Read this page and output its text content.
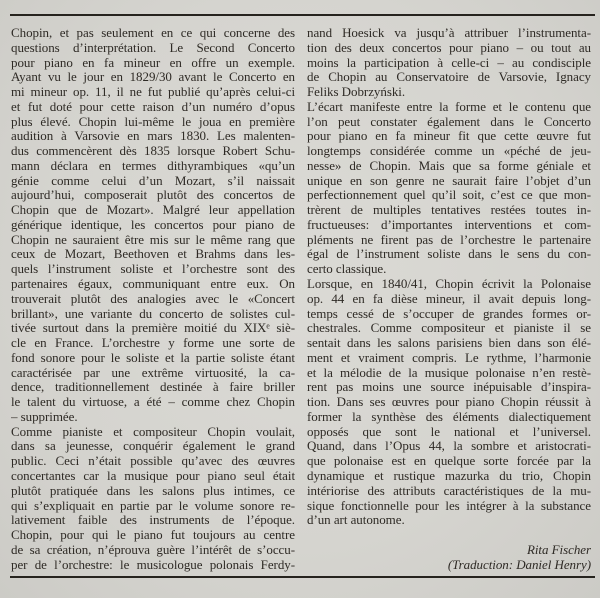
Chopin, et pas seulement en ce qui concerne des
questions d’interprétation. Le Second Concerto
pour piano en fa mineur en offre un exemple.
Ayant vu le jour en 1829/30 avant le Concerto en
mi mineur op. 11, il ne fut publié qu’après celui-ci
et fut doté pour cette raison d’un numéro d’opus
plus élevé. Chopin lui-même le joua en première
audition à Varsovie en mars 1830. Les malenten-
dus commencèrent dès 1835 lorsque Robert Schu-
mann déclara en termes dithyrambiques «qu’un
génie comme celui d’un Mozart, s’il naissait
aujourd’hui, composerait plutôt des concertos de
Chopin que de Mozart». Malgré leur appellation
générique identique, les concertos pour piano de
Chopin ne sauraient être mis sur le même rang que
ceux de Mozart, Beethoven et Brahms dans les-
quels l’instrument soliste et l’orchestre sont des
partenaires égaux, communiquant entre eux. On
trouverait plutôt des analogies avec le «Concert
brillant», une variante du concerto de solistes cul-
tivée surtout dans la première moitié du XIXᵉ siè-
cle en France. L’orchestre y forme une sorte de
fond sonore pour le soliste et la partie soliste étant
caractérisée par une extrême virtuosité, la ca-
dence, traditionnellement destinée à faire briller
le talent du virtuose, a été – comme chez Chopin
– supprimée.
Comme pianiste et compositeur Chopin voulait,
dans sa jeunesse, conquérir également le grand
public. Ceci n’était possible qu’avec des œuvres
concertantes car la musique pour piano seul était
plutôt pratiquée dans les salons plus intimes, ce
qui s’expliquait en partie par le volume sonore re-
lativement faible des instruments de l’époque.
Chopin, pour qui le piano fut toujours au centre
de sa création, n’éprouva guère l’intérêt de s’occu-
per de l’orchestre: le musicologue polonais Ferdy-
nand Hoesick va jusqu’à attribuer l’instrumenta-
tion des deux concertos pour piano – ou tout au
moins la participation à celle-ci – au condisciple
de Chopin au Conservatoire de Varsovie, Ignacy
Feliks Dobrzyński.
L’écart manifeste entre la forme et le contenu que
l’on peut constater également dans le Concerto
pour piano en fa mineur fit que cette œuvre fut
longtemps considérée comme un «péché de jeu-
nesse» de Chopin. Mais que sa forme géniale et
unique en son genre ne saurait faire l’objet d’un
perfectionnement quel qu’il soit, c’est ce que mon-
trèrent de multiples tentatives restées toutes in-
fructueuses: d’importantes interventions et com-
pléments ne firent pas de l’orchestre le partenaire
égal de l’instrument soliste dans le sens du con-
certo classique.
Lorsque, en 1840/41, Chopin écrivit la Polonaise
op. 44 en fa dièse mineur, il avait depuis long-
temps cessé de s’occuper de grandes formes or-
chestrales. Comme compositeur et pianiste il se
sentait dans les salons parisiens bien dans son élé-
ment et vraiment compris. Le rythme, l’harmonie
et la mélodie de la musique polonaise n’en restè-
rent pas moins une source inépuisable d’inspira-
tion. Dans ses œuvres pour piano Chopin réussit à
former la synthèse des éléments dialectiquement
opposés que sont le national et l’universel.
Quand, dans l’Opus 44, la sombre et aristocrati-
que polonaise est en quelque sorte forcée par la
dynamique et rustique mazurka du trio, Chopin
intériorise des attributs caractéristiques de la mu-
sique fonctionnelle pour les intégrer à la substance
d’un art autonome.
Rita Fischer
(Traduction: Daniel Henry)
